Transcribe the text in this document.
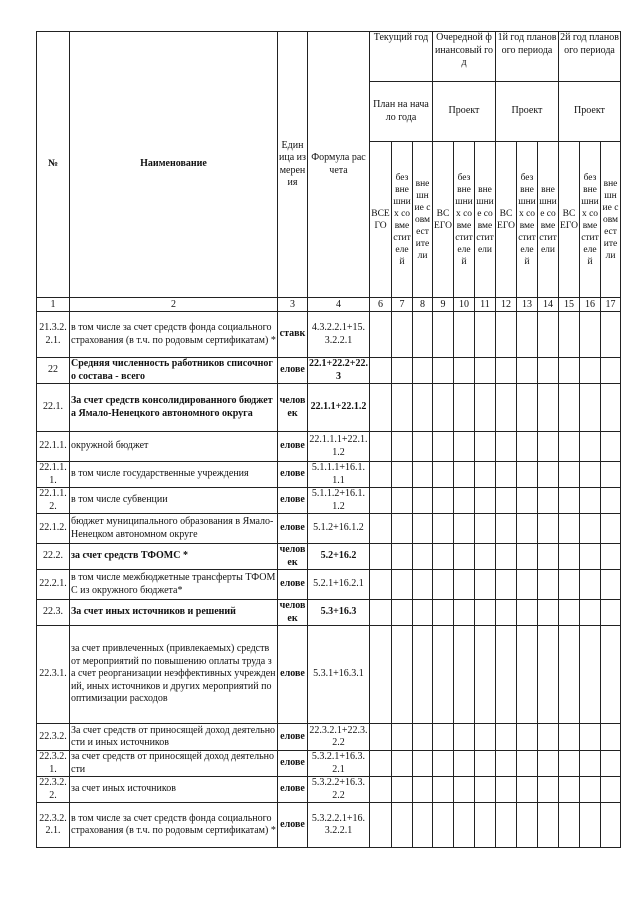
№	Наименование	Единица измерения	Формула расчета	Текущий год			Очередной финансовый год			1й год планового периода			2й год планового периода		
				План на начало года			Проект			Проект			Проект		
				ВСЕГО	без внешних совместителей	внешние совместители	ВСЕГО	без внешних совместителей	внешние совместители	ВСЕГО	без внешних совместителей	внешние совместители	ВСЕГО	без внешних совместителей	внешние совместители
1	2	3	4	6	7	8	9	10	11	12	13	14	15	16	17
21.3.2.2.1.	в том числе за счет средств фонда социального страхования (в т.ч. по родовым сертификатам) *	ставк	4.3.2.2.1+15.3.2.2.1												
22	Средняя численность работников списочного состава - всего	елове	22.1+22.2+22.3												
22.1.	За счет средств консолидированного бюджета Ямало-Ненецкого автономного округа	человек	22.1.1+22.1.2												
22.1.1.	окружной бюджет	елове	22.1.1.1+22.1.1.2												
22.1.1.1.	в том числе государственные учреждения	елове	5.1.1.1+16.1.1.1												
22.1.1.2.	в том числе субвенции	елове	5.1.1.2+16.1.1.2												
22.1.2.	бюджет муниципального образования в Ямало-Ненецком автономном округе	елове	5.1.2+16.1.2												
22.2.	за счет средств ТФОМС *	человек	5.2+16.2												
22.2.1.	в том числе межбюджетные трансферты ТФОМС из окружного бюджета*	елове	5.2.1+16.2.1												
22.3.	За счет иных источников и решений	человек	5.3+16.3												
22.3.1.	за счет привлеченных (привлекаемых) средств от мероприятий по повышению оплаты труда за счет реорганизации неэффективных учреждений, иных источников и других мероприятий по оптимизации расходов	елове	5.3.1+16.3.1												
22.3.2.	За счет средств от приносящей доход деятельности и иных источников	елове	22.3.2.1+22.3.2.2												
22.3.2.1.	за счет средств от приносящей доход деятельности	елове	5.3.2.1+16.3.2.1												
22.3.2.2.	за счет иных источников	елове	5.3.2.2+16.3.2.2												
22.3.2.2.1.	в том числе за счет средств фонда социального страхования (в т.ч. по родовым сертификатам) *	елове	5.3.2.2.1+16.3.2.2.1												
